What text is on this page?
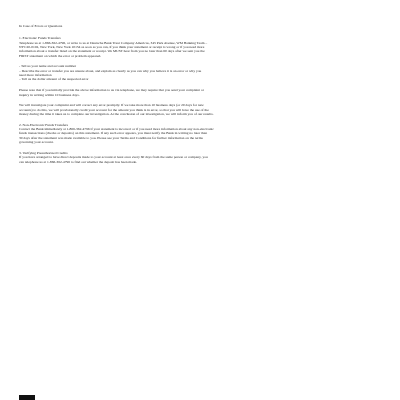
In Case of Errors or Questions

1. Electronic Funds Transfers
Telephone us at 1-866-362-4796, or write to us at Deutsche Bank Trust Company Americas, 345 Park Avenue, WM Banking Team –
NYC20-0102, New York, New York 10154 as soon as you can, if you think your statement or receipt is wrong or if you need more
information about a transfer listed on the statement or receipt. We MUST hear from you no later than 60 days after we sent you the
FIRST statement on which the error or problem appeared.

- Tell us your name and account number
– Describe the error or transfer you are unsure about, and explain as clearly as you can why you believe it is an error or why you
need more information
– Tell us the dollar amount of the suspected error

Please note that if you initially provide the above information to us via telephone, we may require that you send your complaint or
inquiry in writing within 10 business days.

We will investigate your complaint and will correct any error promptly. If we take more than 10 business days (or 20 days for new
accounts) to do this, we will provisionally credit your account for the amount you think is in error, so that you will have the use of the
money during the time it takes us to complete our investigation. At the conclusion of our investigation, we will inform you of our results.

2. Non-Electronic Funds Transfers
Contact the Bank immediately at 1-866-362-4796 if your statement is incorrect or if you need more information about any non-electronic
funds transactions (checks or deposits) on this statement. If any such error appears, you must notify the Bank in writing no later than
30 days after the statement was made available to you. Please see your Terms and Conditions for further information on the terms
governing your account.

3. Verifying Preauthorized Credits
If you have arranged to have direct deposits made to your account at least once every 60 days from the same person or company, you
can telephone us at 1-866-362-4796 to find out whether the deposit has been made.
